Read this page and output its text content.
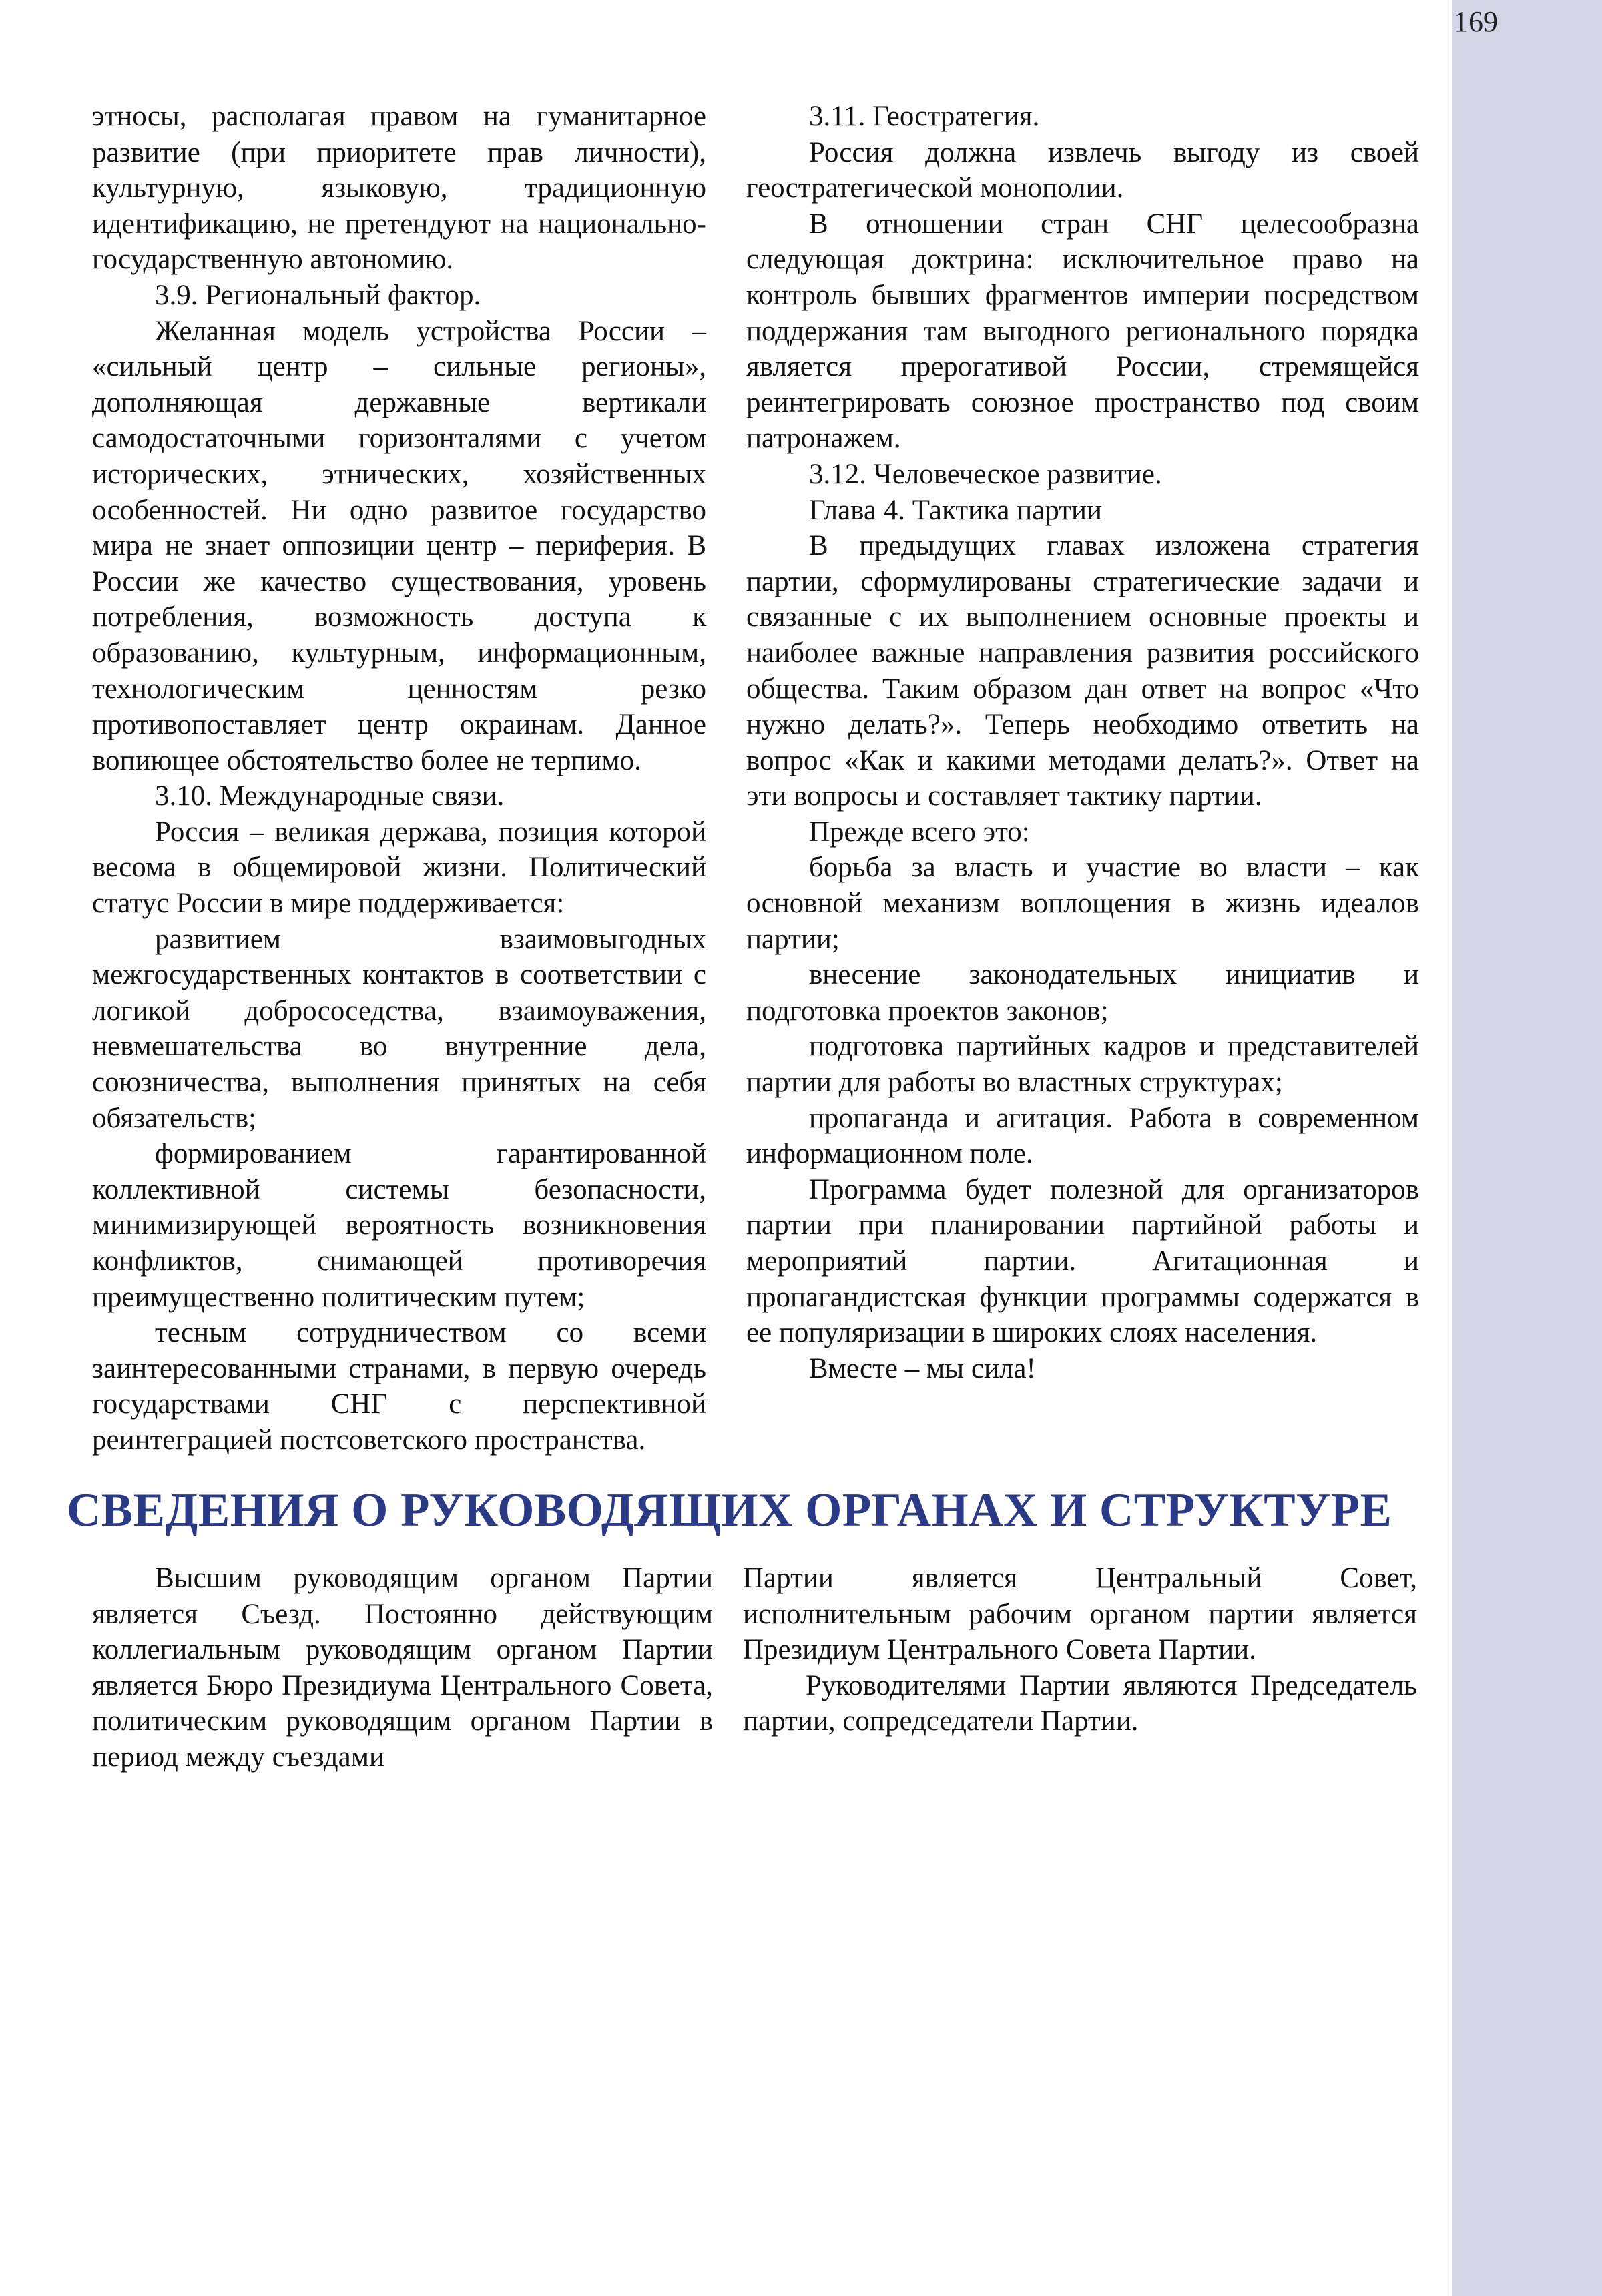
169

этносы, располагая правом на гуманитарное развитие (при приоритете прав личности), культурную, языковую, традиционную идентификацию, не претендуют на национально-государственную автономию.

3.9. Региональный фактор.

Желанная модель устройства России – «сильный центр – сильные регионы», дополняющая державные вертикали самодостаточными горизонталями с учетом исторических, этнических, хозяйственных особенностей. Ни одно развитое государство мира не знает оппозиции центр – периферия. В России же качество существования, уровень потребления, возможность доступа к образованию, культурным, информационным, технологическим ценностям резко противопоставляет центр окраинам. Данное вопиющее обстоятельство более не терпимо.

3.10. Международные связи.

Россия – великая держава, позиция которой весома в общемировой жизни. Политический статус России в мире поддерживается:

развитием взаимовыгодных межгосударственных контактов в соответствии с логикой добрососедства, взаимоуважения, невмешательства во внутренние дела, союзничества, выполнения принятых на себя обязательств;

формированием гарантированной коллективной системы безопасности, минимизирующей вероятность возникновения конфликтов, снимающей противоречия преимущественно политическим путем;

тесным сотрудничеством со всеми заинтересованными странами, в первую очередь государствами СНГ с перспективной реинтеграцией постсоветского пространства.

3.11. Геостратегия.

Россия должна извлечь выгоду из своей геостратегической монополии.

В отношении стран СНГ целесообразна следующая доктрина: исключительное право на контроль бывших фрагментов империи посредством поддержания там выгодного регионального порядка является прерогативой России, стремящейся реинтегрировать союзное пространство под своим патронажем.

3.12. Человеческое развитие.

Глава 4. Тактика партии

В предыдущих главах изложена стратегия партии, сформулированы стратегические задачи и связанные с их выполнением основные проекты и наиболее важные направления развития российского общества. Таким образом дан ответ на вопрос «Что нужно делать?». Теперь необходимо ответить на вопрос «Как и какими методами делать?». Ответ на эти вопросы и составляет тактику партии.

Прежде всего это:

борьба за власть и участие во власти – как основной механизм воплощения в жизнь идеалов партии;

внесение законодательных инициатив и подготовка проектов законов;

подготовка партийных кадров и представителей партии для работы во властных структурах;

пропаганда и агитация. Работа в современном информационном поле.

Программа будет полезной для организаторов партии при планировании партийной работы и мероприятий партии. Агитационная и пропагандистская функции программы содержатся в ее популяризации в широких слоях населения.

Вместе – мы сила!

СВЕДЕНИЯ О РУКОВОДЯЩИХ ОРГАНАХ И СТРУКТУРЕ

Высшим руководящим органом Партии является Съезд. Постоянно действующим коллегиальным руководящим органом Партии является Бюро Президиума Центрального Совета, политическим руководящим органом Партии в период между съездами

Партии является Центральный Совет, исполнительным рабочим органом партии является Президиум Центрального Совета Партии.

Руководителями Партии являются Председатель партии, сопредседатели Партии.
